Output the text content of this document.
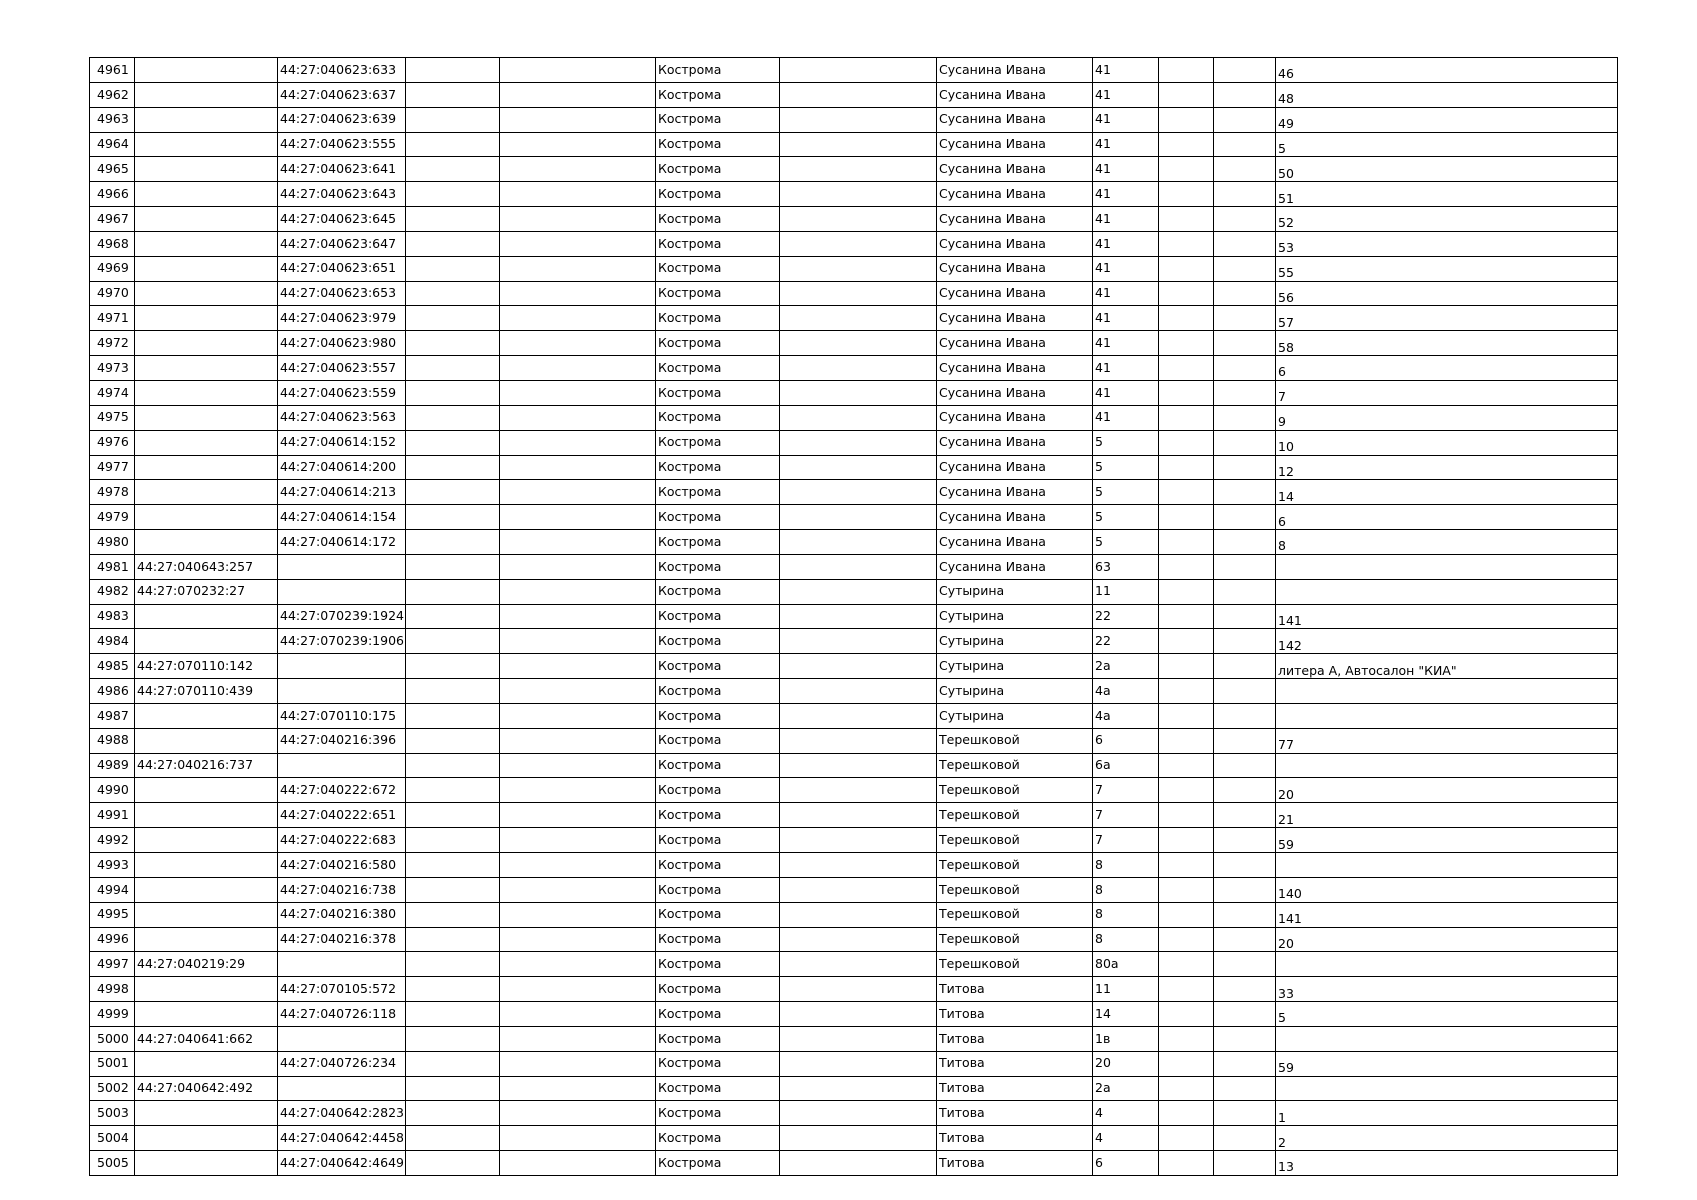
4961		44:27:040623:633			Кострома		Сусанина Ивана	41			46
4962		44:27:040623:637			Кострома		Сусанина Ивана	41			48
4963		44:27:040623:639			Кострома		Сусанина Ивана	41			49
4964		44:27:040623:555			Кострома		Сусанина Ивана	41			5
4965		44:27:040623:641			Кострома		Сусанина Ивана	41			50
4966		44:27:040623:643			Кострома		Сусанина Ивана	41			51
4967		44:27:040623:645			Кострома		Сусанина Ивана	41			52
4968		44:27:040623:647			Кострома		Сусанина Ивана	41			53
4969		44:27:040623:651			Кострома		Сусанина Ивана	41			55
4970		44:27:040623:653			Кострома		Сусанина Ивана	41			56
4971		44:27:040623:979			Кострома		Сусанина Ивана	41			57
4972		44:27:040623:980			Кострома		Сусанина Ивана	41			58
4973		44:27:040623:557			Кострома		Сусанина Ивана	41			6
4974		44:27:040623:559			Кострома		Сусанина Ивана	41			7
4975		44:27:040623:563			Кострома		Сусанина Ивана	41			9
4976		44:27:040614:152			Кострома		Сусанина Ивана	5			10
4977		44:27:040614:200			Кострома		Сусанина Ивана	5			12
4978		44:27:040614:213			Кострома		Сусанина Ивана	5			14
4979		44:27:040614:154			Кострома		Сусанина Ивана	5			6
4980		44:27:040614:172			Кострома		Сусанина Ивана	5			8
4981	44:27:040643:257				Кострома		Сусанина Ивана	63			
4982	44:27:070232:27				Кострома		Сутырина	11			
4983		44:27:070239:1924			Кострома		Сутырина	22			141
4984		44:27:070239:1906			Кострома		Сутырина	22			142
4985	44:27:070110:142				Кострома		Сутырина	2а			литера А, Автосалон "КИА"
4986	44:27:070110:439				Кострома		Сутырина	4а			
4987		44:27:070110:175			Кострома		Сутырина	4а			
4988		44:27:040216:396			Кострома		Терешковой	6			77
4989	44:27:040216:737				Кострома		Терешковой	6а			
4990		44:27:040222:672			Кострома		Терешковой	7			20
4991		44:27:040222:651			Кострома		Терешковой	7			21
4992		44:27:040222:683			Кострома		Терешковой	7			59
4993		44:27:040216:580			Кострома		Терешковой	8			
4994		44:27:040216:738			Кострома		Терешковой	8			140
4995		44:27:040216:380			Кострома		Терешковой	8			141
4996		44:27:040216:378			Кострома		Терешковой	8			20
4997	44:27:040219:29				Кострома		Терешковой	80а			
4998		44:27:070105:572			Кострома		Титова	11			33
4999		44:27:040726:118			Кострома		Титова	14			5
5000	44:27:040641:662				Кострома		Титова	1в			
5001		44:27:040726:234			Кострома		Титова	20			59
5002	44:27:040642:492				Кострома		Титова	2а			
5003		44:27:040642:2823			Кострома		Титова	4			1
5004		44:27:040642:4458			Кострома		Титова	4			2
5005		44:27:040642:4649			Кострома		Титова	6			13
